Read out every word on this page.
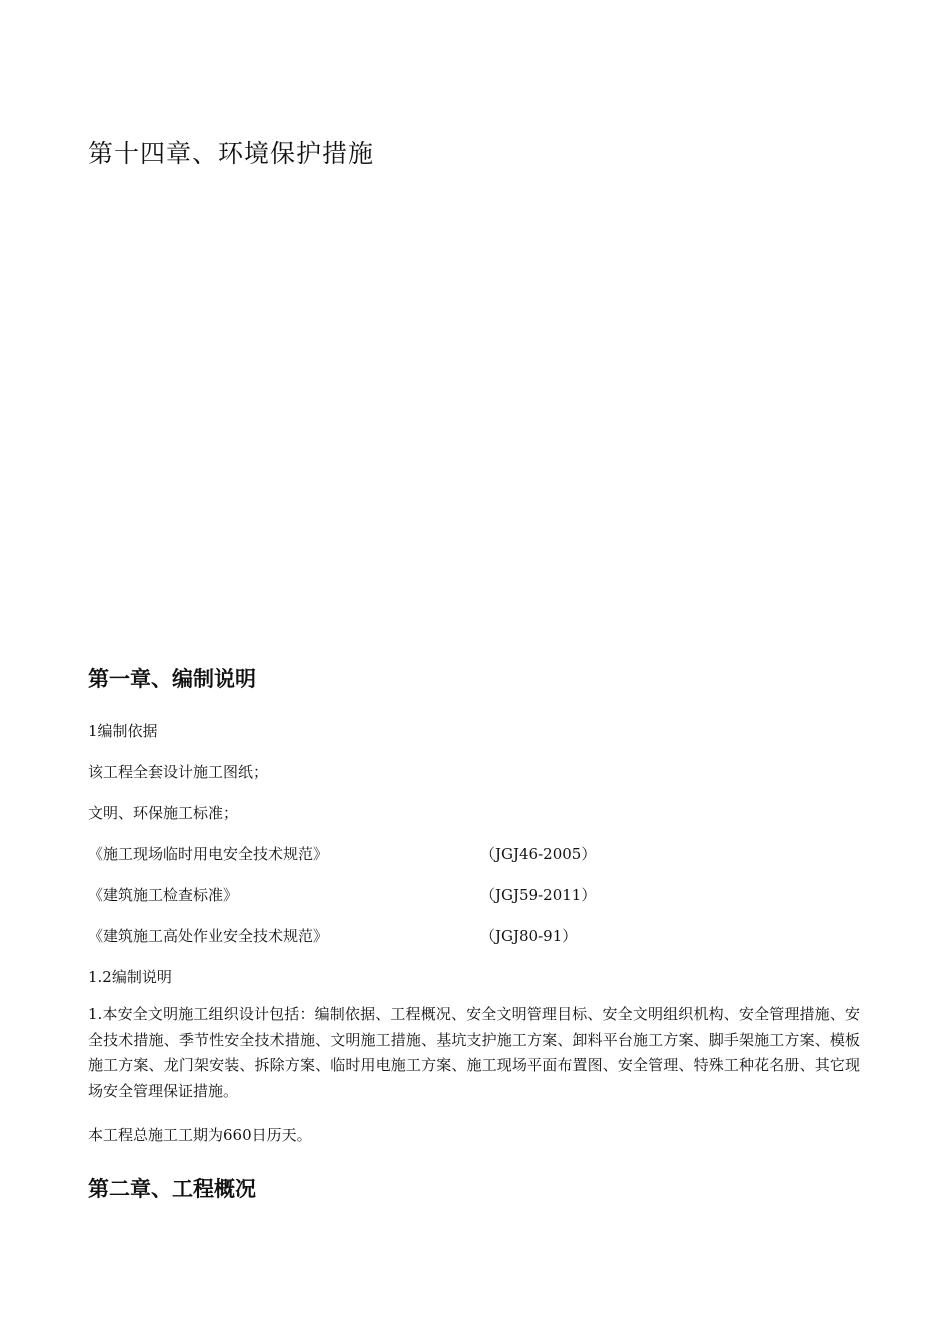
第十四章、环境保护措施
第一章、编制说明
1编制依据
该工程全套设计施工图纸；
文明、环保施工标准；
《施工现场临时用电安全技术规范》	（JGJ46-2005）
《建筑施工检查标准》	（JGJ59-2011）
《建筑施工高处作业安全技术规范》	（JGJ80-91）
1.2编制说明
1.本安全文明施工组织设计包括：编制依据、工程概况、安全文明管理目标、安全文明组织机构、安全管理措施、安全技术措施、季节性安全技术措施、文明施工措施、基坑支护施工方案、卸料平台施工方案、脚手架施工方案、模板施工方案、龙门架安装、拆除方案、临时用电施工方案、施工现场平面布置图、安全管理、特殊工种花名册、其它现场安全管理保证措施。
本工程总施工工期为660日历天。
第二章、工程概况
